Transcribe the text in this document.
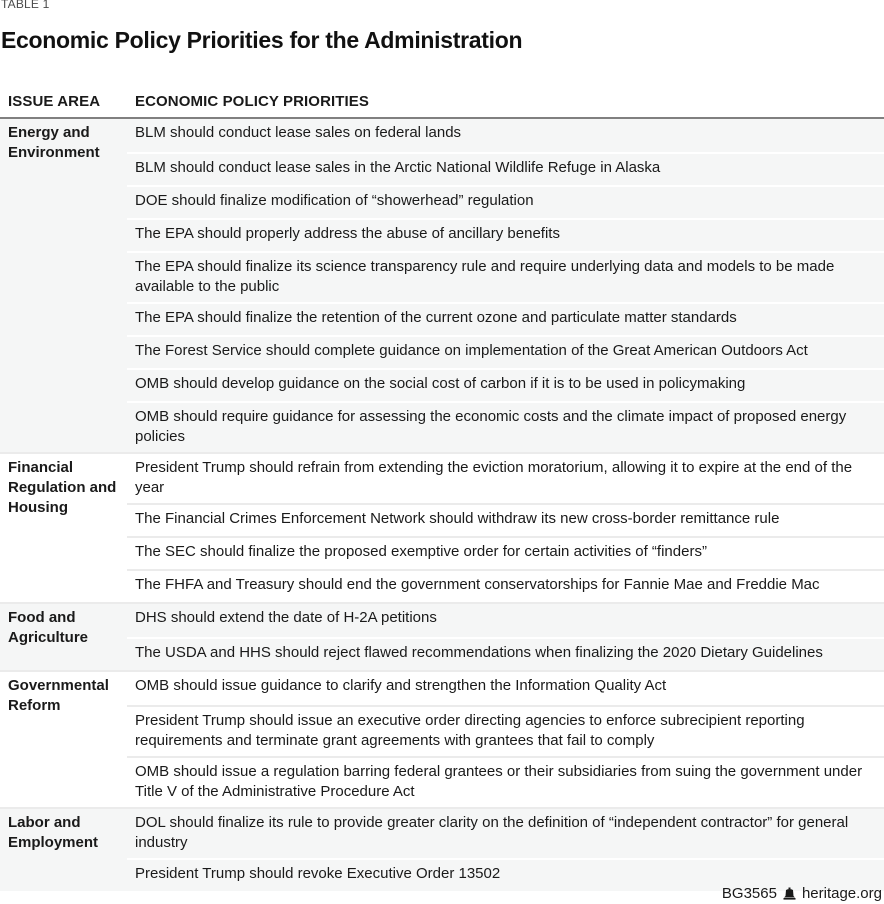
TABLE 1
Economic Policy Priorities for the Administration
ISSUE AREA	ECONOMIC POLICY PRIORITIES
Energy and Environment
BLM should conduct lease sales on federal lands
BLM should conduct lease sales in the Arctic National Wildlife Refuge in Alaska
DOE should finalize modification of “showerhead” regulation
The EPA should properly address the abuse of ancillary benefits
The EPA should finalize its science transparency rule and require underlying data and models to be made available to the public
The EPA should finalize the retention of the current ozone and particulate matter standards
The Forest Service should complete guidance on implementation of the Great American Outdoors Act
OMB should develop guidance on the social cost of carbon if it is to be used in policymaking
OMB should require guidance for assessing the economic costs and the climate impact of proposed energy policies
Financial Regulation and Housing
President Trump should refrain from extending the eviction moratorium, allowing it to expire at the end of the year
The Financial Crimes Enforcement Network should withdraw its new cross-border remittance rule
The SEC should finalize the proposed exemptive order for certain activities of “finders”
The FHFA and Treasury should end the government conservatorships for Fannie Mae and Freddie Mac
Food and Agriculture
DHS should extend the date of H-2A petitions
The USDA and HHS should reject flawed recommendations when finalizing the 2020 Dietary Guidelines
Governmental Reform
OMB should issue guidance to clarify and strengthen the Information Quality Act
President Trump should issue an executive order directing agencies to enforce subrecipient reporting requirements and terminate grant agreements with grantees that fail to comply
OMB should issue a regulation barring federal grantees or their subsidiaries from suing the government under Title V of the Administrative Procedure Act
Labor and Employment
DOL should finalize its rule to provide greater clarity on the definition of “independent contractor” for general industry
President Trump should revoke Executive Order 13502
BG3565 heritage.org
